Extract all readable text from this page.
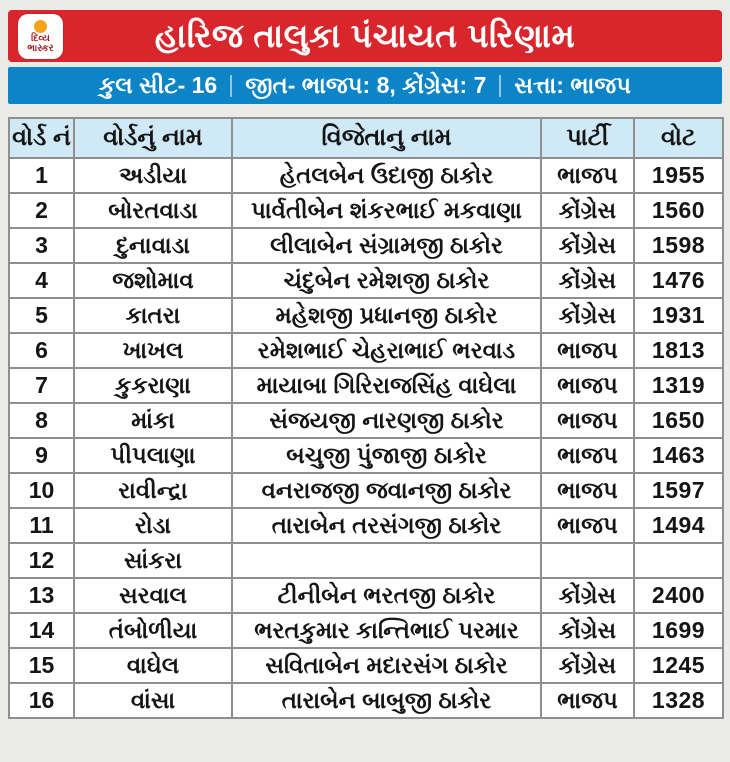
હારિજ તાલુકા પંચાયત પરિણામ
દિવ્ય
ભાસ્કર
કુલ સીટ- 16 જીત- ભાજપ: 8, કોંગ્રેસ: 7 સત્તા: ભાજપ
વોર્ડ નં	વોર્ડનું નામ	વિજેતાનુ નામ	પાર્ટી	વોટ
1	અડીયા	હેતલબેન ઉદાજી ઠાકોર	ભાજપ	1955
2	બોરતવાડા	પાર્વતીબેન શંકરભાઈ મકવાણા	કોંગ્રેસ	1560
3	દુનાવાડા	લીલાબેન સંગ્રામજી ઠાકોર	કોંગ્રેસ	1598
4	જશોમાવ	ચંદુબેન રમેશજી ઠાકોર	કોંગ્રેસ	1476
5	કાતરા	મહેશજી પ્રધાનજી ઠાકોર	કોંગ્રેસ	1931
6	ખાખલ	રમેશભાઈ ચેહરાભાઈ ભરવાડ	ભાજપ	1813
7	કુકરાણા	માયાબા ગિરિરાજસિંહ વાઘેલા	ભાજપ	1319
8	માંકા	સંજયજી નારણજી ઠાકોર	ભાજપ	1650
9	પીપલાણા	બચુજી પુંજાજી ઠાકોર	ભાજપ	1463
10	રાવીન્દ્રા	વનરાજજી જવાનજી ઠાકોર	ભાજપ	1597
11	રોડા	તારાબેન તરસંગજી ઠાકોર	ભાજપ	1494
12	સાંકરા			
13	સરવાલ	ટીનીબેન ભરતજી ઠાકોર	કોંગ્રેસ	2400
14	તંબોળીયા	ભરતકુમાર કાન્તિભાઈ પરમાર	કોંગ્રેસ	1699
15	વાઘેલ	સવિતાબેન મદારસંગ ઠાકોર	કોંગ્રેસ	1245
16	વાંસા	તારાબેન બાબુજી ઠાકોર	ભાજપ	1328
